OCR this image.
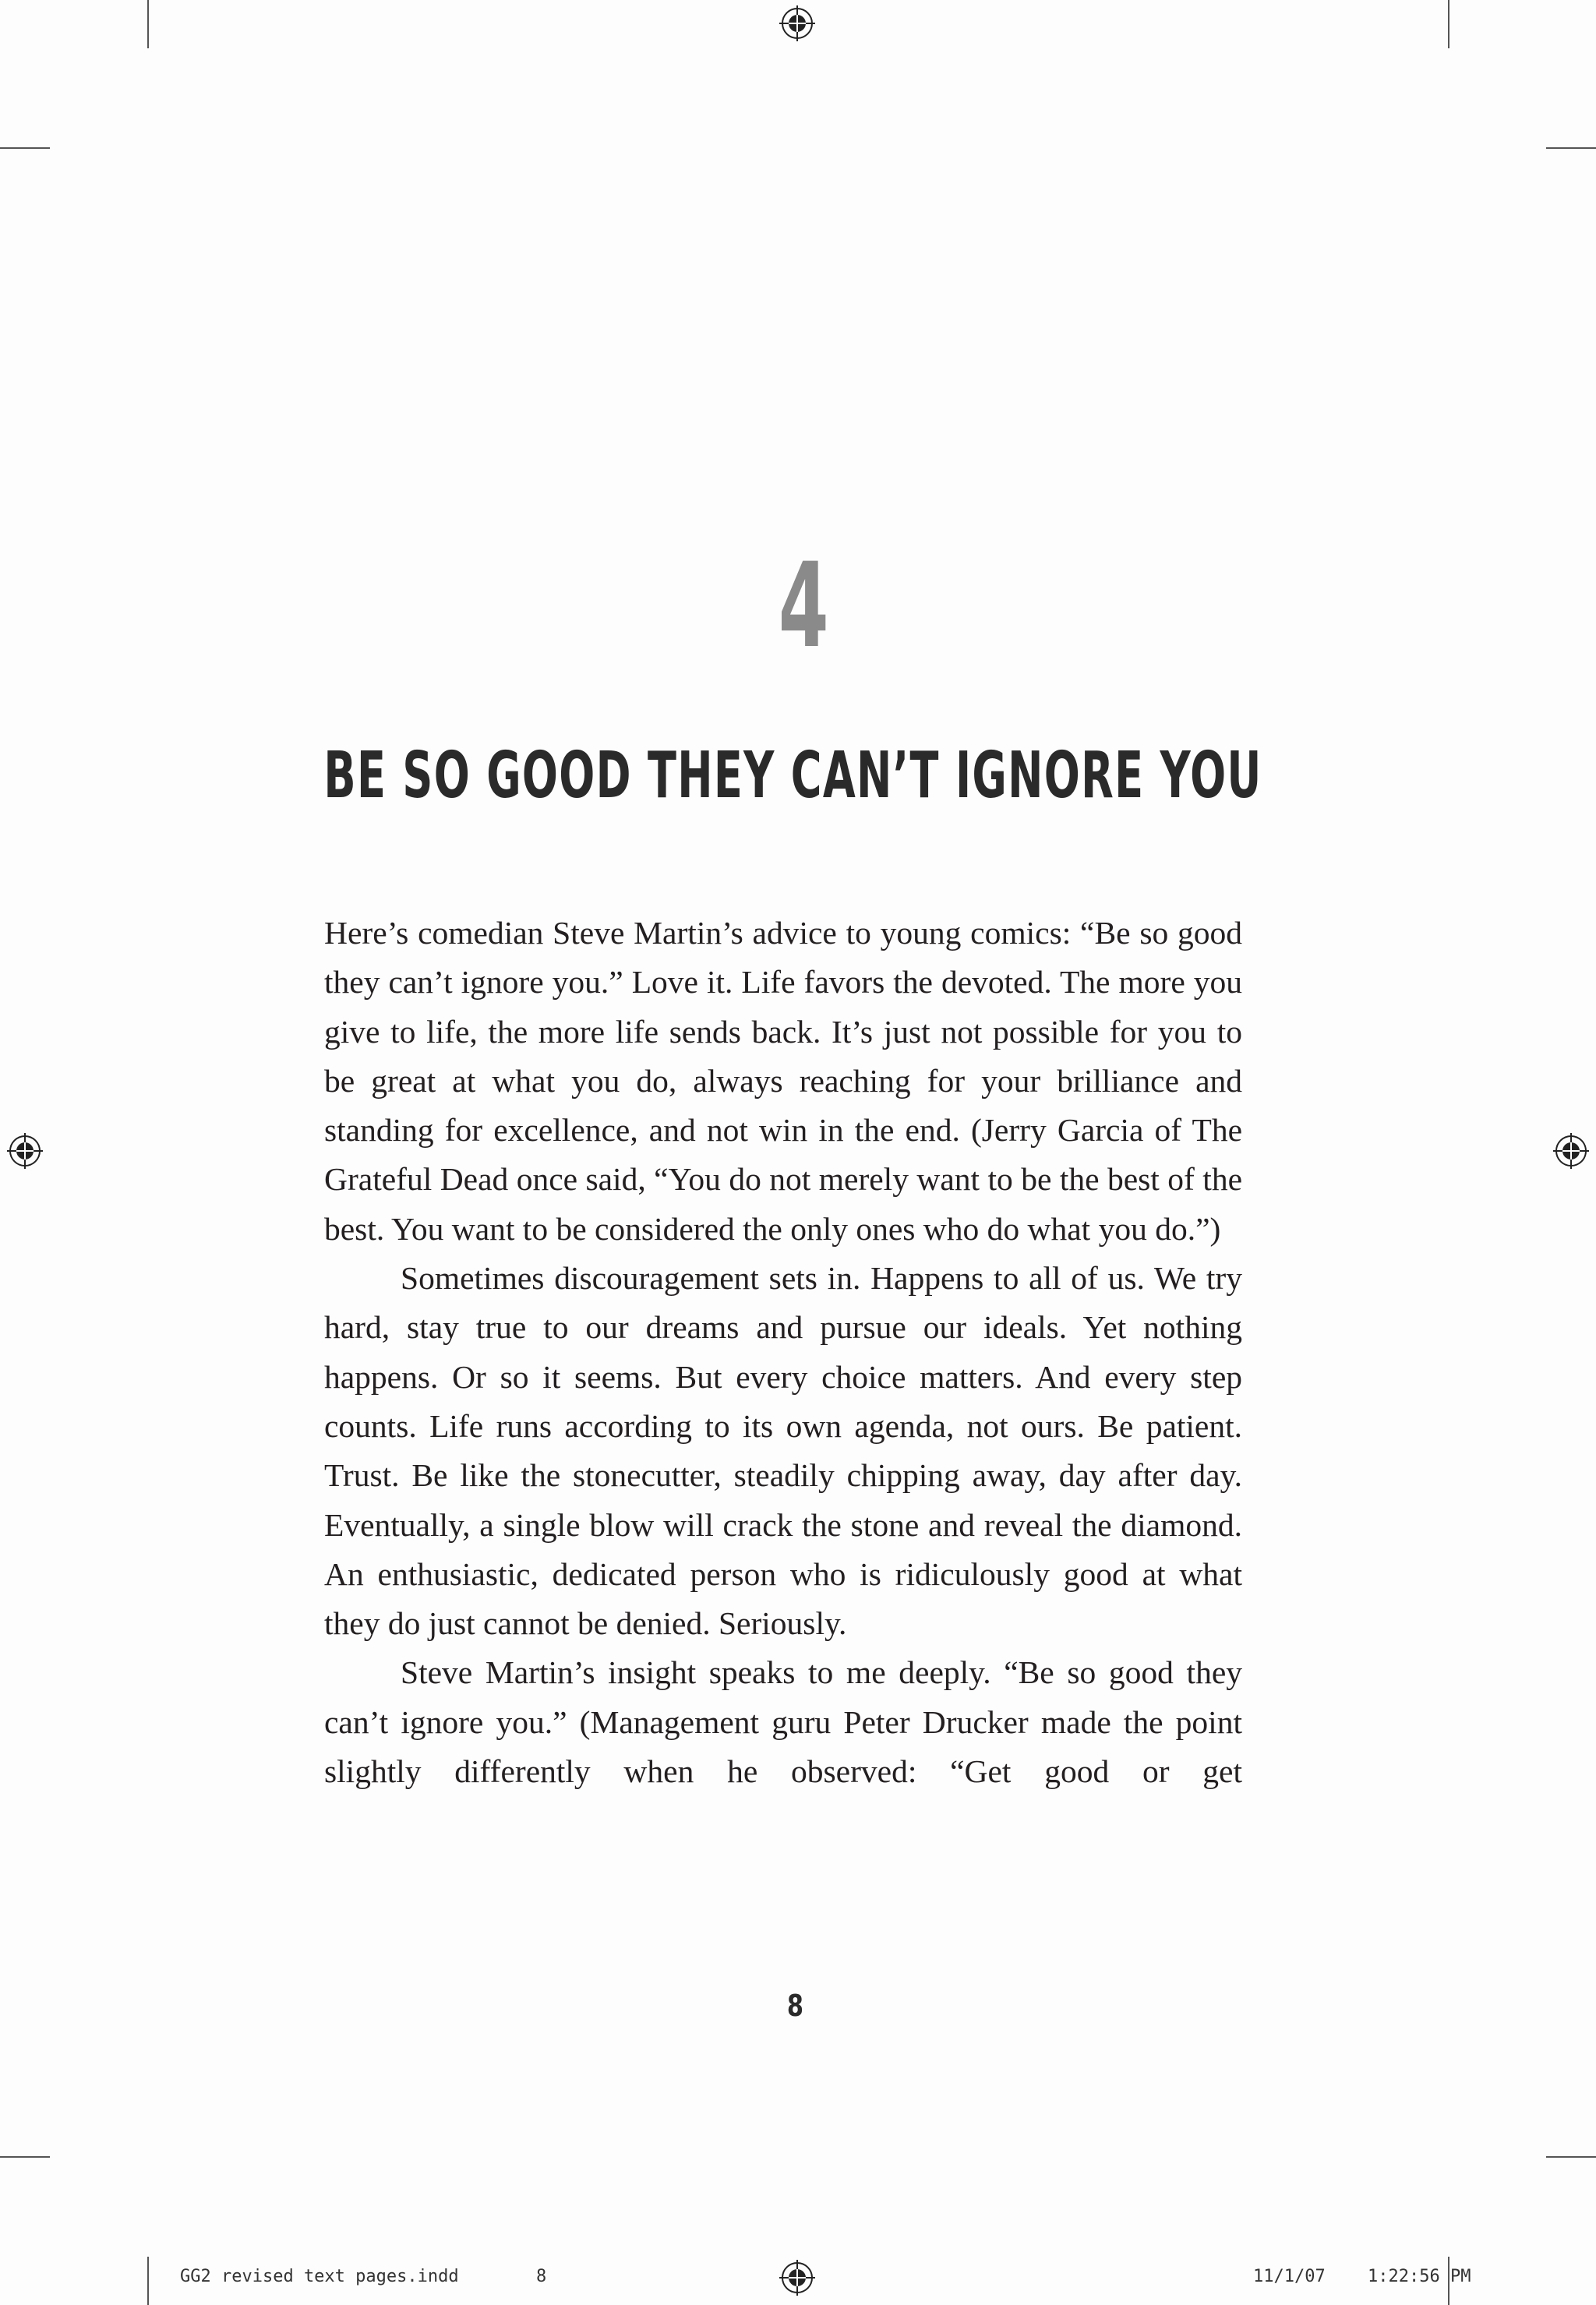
4
BE SO GOOD THEY CAN’T IGNORE YOU

Here’s comedian Steve Martin’s advice to young comics: “Be so good they can’t ignore you.” Love it. Life favors the devoted. The more you give to life, the more life sends back. It’s just not possible for you to be great at what you do, always reaching for your brilliance and standing for excellence, and not win in the end. (Jerry Garcia of The Grateful Dead once said, “You do not merely want to be the best of the best. You want to be considered the only ones who do what you do.”)

Sometimes discouragement sets in. Happens to all of us. We try hard, stay true to our dreams and pursue our ideals. Yet nothing happens. Or so it seems. But every choice matters. And every step counts. Life runs according to its own agenda, not ours. Be patient. Trust. Be like the stonecutter, steadily chipping away, day after day. Eventually, a single blow will crack the stone and reveal the diamond. An enthusiastic, dedicated person who is ridiculously good at what they do just cannot be denied. Seriously.

Steve Martin’s insight speaks to me deeply. “Be so good they can’t ignore you.” (Management guru Peter Drucker made the point slightly differently when he observed: “Get good or get

8
GG2 revised text pages.indd	8	11/1/07 1:22:56 PM
